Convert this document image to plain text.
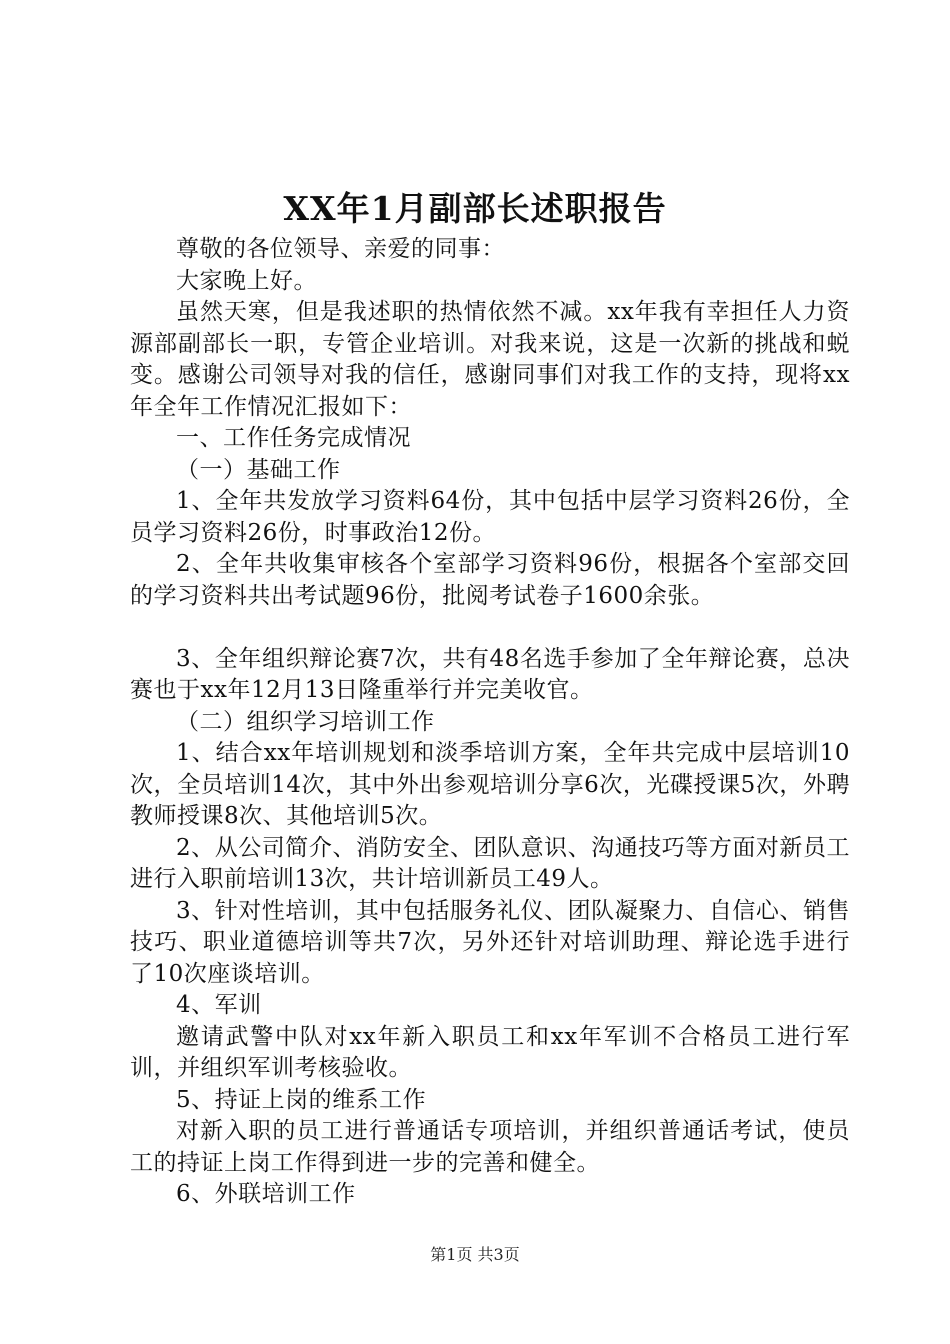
XX年1月副部长述职报告

尊敬的各位领导、亲爱的同事：

大家晚上好。

虽然天寒，但是我述职的热情依然不减。xx年我有幸担任人力资源部副部长一职，专管企业培训。对我来说，这是一次新的挑战和蜕变。感谢公司领导对我的信任，感谢同事们对我工作的支持，现将xx年全年工作情况汇报如下：

一、工作任务完成情况

（一）基础工作

1、全年共发放学习资料64份，其中包括中层学习资料26份，全员学习资料26份，时事政治12份。

2、全年共收集审核各个室部学习资料96份，根据各个室部交回的学习资料共出考试题96份，批阅考试卷子1600余张。

3、全年组织辩论赛7次，共有48名选手参加了全年辩论赛，总决赛也于xx年12月13日隆重举行并完美收官。

（二）组织学习培训工作

1、结合xx年培训规划和淡季培训方案，全年共完成中层培训10次，全员培训14次，其中外出参观培训分享6次，光碟授课5次，外聘教师授课8次、其他培训5次。

2、从公司简介、消防安全、团队意识、沟通技巧等方面对新员工进行入职前培训13次，共计培训新员工49人。

3、针对性培训，其中包括服务礼仪、团队凝聚力、自信心、销售技巧、职业道德培训等共7次，另外还针对培训助理、辩论选手进行了10次座谈培训。

4、军训

邀请武警中队对xx年新入职员工和xx年军训不合格员工进行军训，并组织军训考核验收。

5、持证上岗的维系工作

对新入职的员工进行普通话专项培训，并组织普通话考试，使员工的持证上岗工作得到进一步的完善和健全。

6、外联培训工作

第1页 共3页
